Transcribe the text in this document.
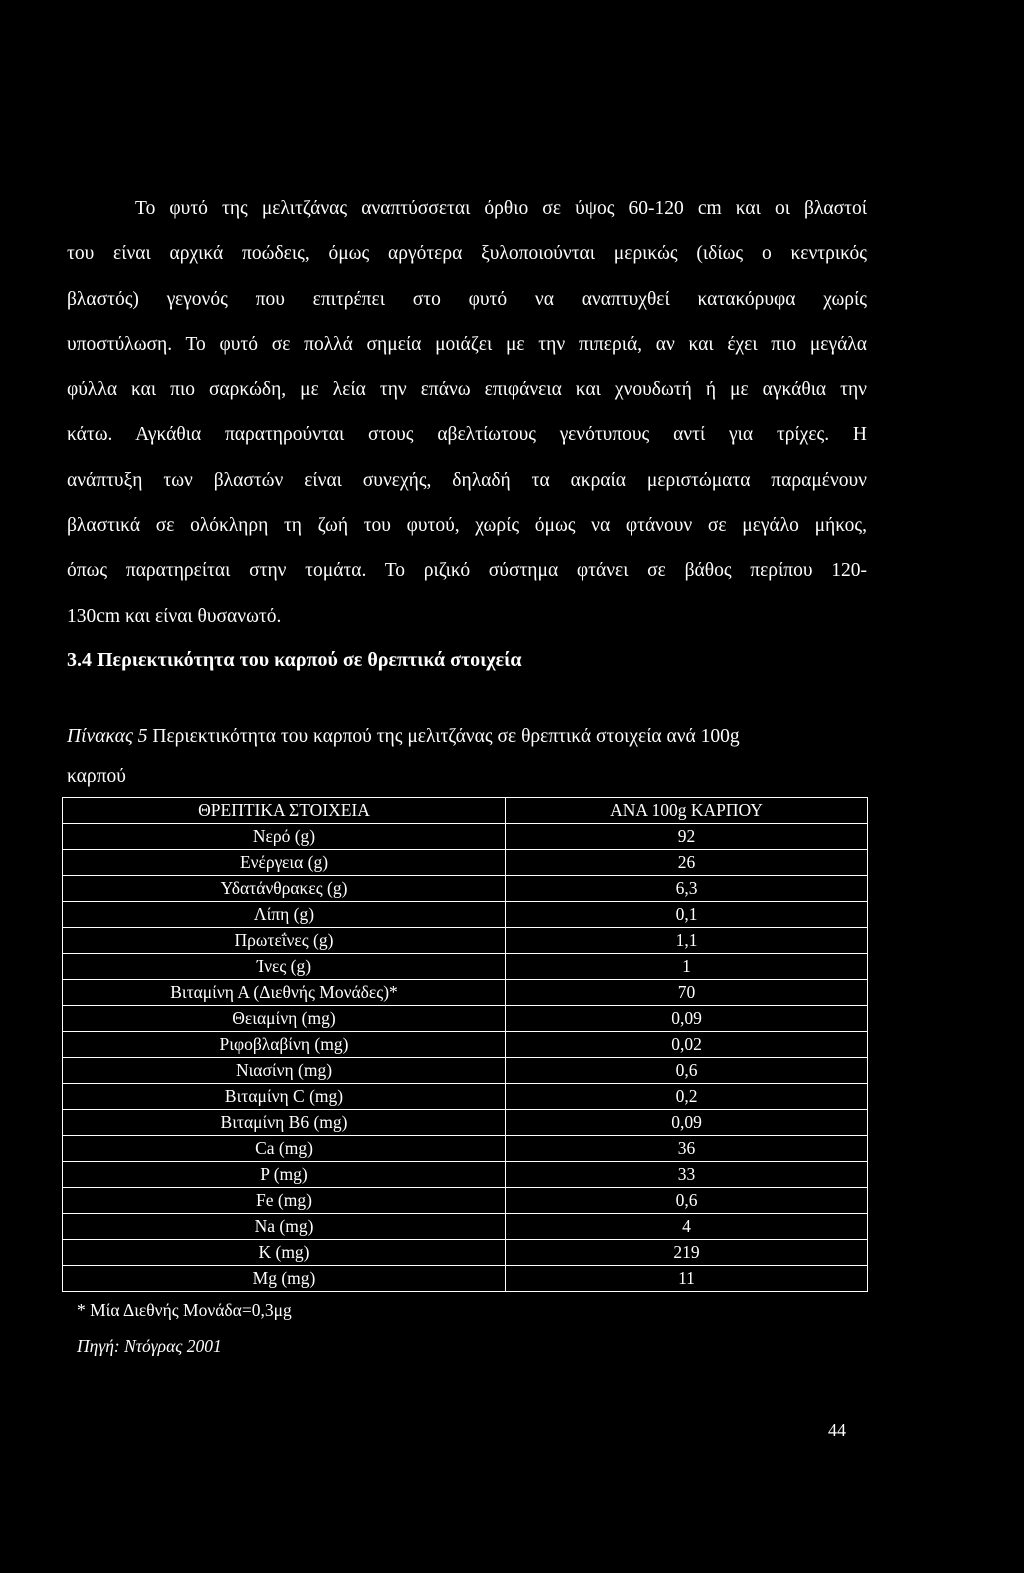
Το φυτό της μελιτζάνας αναπτύσσεται όρθιο σε ύψος 60-120 cm και οι βλαστοί
του είναι αρχικά ποώδεις, όμως αργότερα ξυλοποιούνται μερικώς (ιδίως ο κεντρικός
βλαστός) γεγονός που επιτρέπει στο φυτό να αναπτυχθεί κατακόρυφα χωρίς
υποστύλωση. Το φυτό σε πολλά σημεία μοιάζει με την πιπεριά, αν και έχει πιο μεγάλα
φύλλα και πιο σαρκώδη, με λεία την επάνω επιφάνεια και χνουδωτή ή με αγκάθια την
κάτω. Αγκάθια παρατηρούνται στους αβελτίωτους γενότυπους αντί για τρίχες. Η
ανάπτυξη των βλαστών είναι συνεχής, δηλαδή τα ακραία μεριστώματα παραμένουν
βλαστικά σε ολόκληρη τη ζωή του φυτού, χωρίς όμως να φτάνουν σε μεγάλο μήκος,
όπως παρατηρείται στην τομάτα. Το ριζικό σύστημα φτάνει σε βάθος περίπου 120-
130cm και είναι θυσανωτό.
3.4 Περιεκτικότητα του καρπού σε θρεπτικά στοιχεία

Πίνακας 5 Περιεκτικότητα του καρπού της μελιτζάνας σε θρεπτικά στοιχεία ανά 100g
καρπού

ΘΡΕΠΤΙΚΑ ΣΤΟΙΧΕΙΑ	ΑΝΑ 100g ΚΑΡΠΟΥ
Νερό (g)	92
Ενέργεια (g)	26
Υδατάνθρακες (g)	6,3
Λίπη (g)	0,1
Πρωτεΐνες (g)	1,1
Ίνες (g)	1
Βιταμίνη Α (Διεθνής Μονάδες)*	70
Θειαμίνη (mg)	0,09
Ριφοβλαβίνη (mg)	0,02
Νιασίνη (mg)	0,6
Βιταμίνη C (mg)	0,2
Βιταμίνη Β6 (mg)	0,09
Ca (mg)	36
P (mg)	33
Fe (mg)	0,6
Na (mg)	4
K (mg)	219
Mg (mg)	11

* Μία Διεθνής Μονάδα=0,3μg

Πηγή: Ντόγρας 2001

44
